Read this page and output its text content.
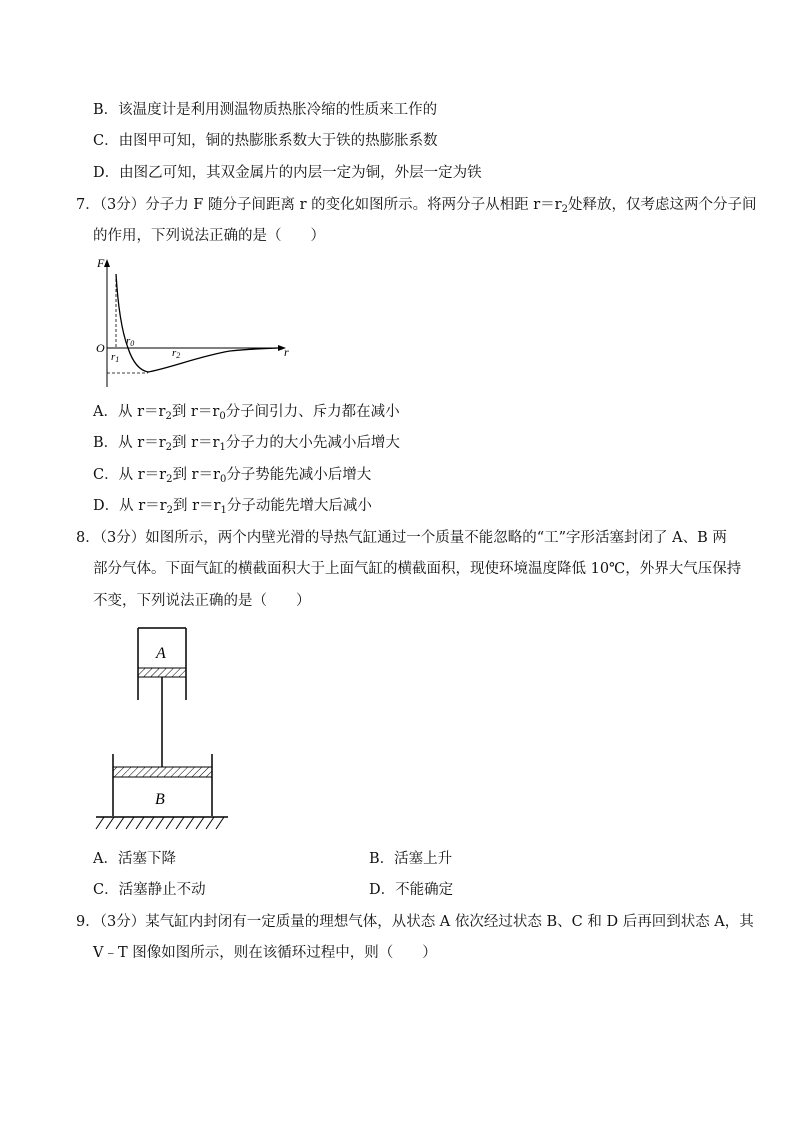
B．该温度计是利用测温物质热胀冷缩的性质来工作的
C．由图甲可知，铜的热膨胀系数大于铁的热膨胀系数
D．由图乙可知，其双金属片的内层一定为铜，外层一定为铁
7．（3分）分子力 F 随分子间距离 r 的变化如图所示。将两分子从相距 $r=r_2$处释放，仅考虑这两个分子间
的作用，下列说法正确的是（　　）
F
r
O r0
r1
r2
A．从 $r=r_2$到 $r=r_0$分子间引力、斥力都在减小
B．从 $r=r_2$到 $r=r_1$分子力的大小先减小后增大
C．从 $r=r_2$到 $r=r_0$分子势能先减小后增大
D．从 $r=r_2$到 $r=r_1$分子动能先增大后减小
8．（3分）如图所示，两个内壁光滑的导热气缸通过一个质量不能忽略的“工”字形活塞封闭了 A、B 两
部分气体。下面气缸的横截面积大于上面气缸的横截面积，现使环境温度降低 10℃，外界大气压保持
不变，下列说法正确的是（　　）
A
B
A．活塞下降	B．活塞上升
C．活塞静止不动	D．不能确定
9．（3分）某气缸内封闭有一定质量的理想气体，从状态 A 依次经过状态 B、C 和 D 后再回到状态 A，其
V﹣T 图像如图所示，则在该循环过程中，则（　　）
